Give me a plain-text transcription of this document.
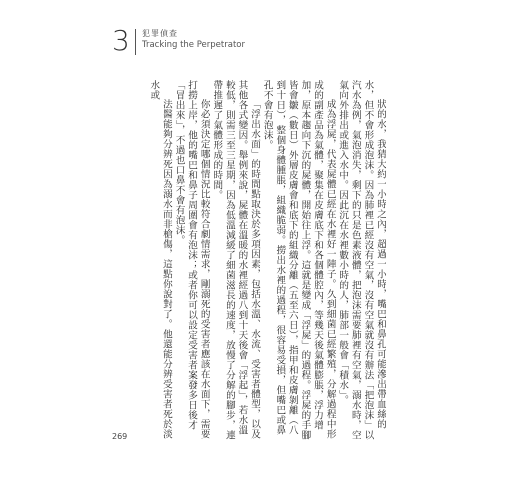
3 犯罪偵查
Tracking the Perpetrator

狀的水，我猜大約一小時之內，超過一小時，嘴巴和鼻孔可能滲出帶血絲的水，但不會形成泡沫。因為肺裡已經沒有空氣，沒有空氣就沒有辦法「把泡沫」以汽水為例，氣泡消失，剩下的只是色素液體，把泡沫需要肺裡有空氣，溺水時，空氣向外排出或進入水中。因此沉在水裡數小時的人，肺部一般會「積水」。

成為浮屍，代表屍體已經在水裡好一陣子。久到細菌已經繁殖，分解過程中形成的副產品為氣體，聚集在皮膚底下和各個體腔內，等幾天後氣體膨脹，浮力增加，原本趨向下沉的屍體，開始往上浮。這就是變成「浮屍」的過程。浮屍的手腳皆會皺（數日）外層皮膚會和底下的組織分離（五至六日），指甲和皮膚剝離（八到十日），整個身體腫脹，組織脆弱。撈出水裡的過程，很容易受損，但嘴巴或鼻孔不會有泡沫。

「浮出水面」的時間點取決於多項因素，包括水溫、水流、受害者體型，以及其他各式變因。舉例來說，屍體在溫暖的水裡經過八到十天後會「浮起」，若水溫較低，則需三至三星期，因為低溫減緩了細菌滋長的速度，放慢了分解的腳步，連帶推遲了氣體形成的時間。

你必須決定哪個情況比較符合劇情需求，剛溺死的受害者應該在水面下，需要打撈上岸，他的嘴巴和鼻子周圍會有泡沫；或者你可以設定受害者案發多日後才「冒出來」，不過也口鼻不會有泡沫。

法醫能夠分辨死因為溺水而非槍傷，這點你說對了。他還能分辨受害者死於淡水或

269
